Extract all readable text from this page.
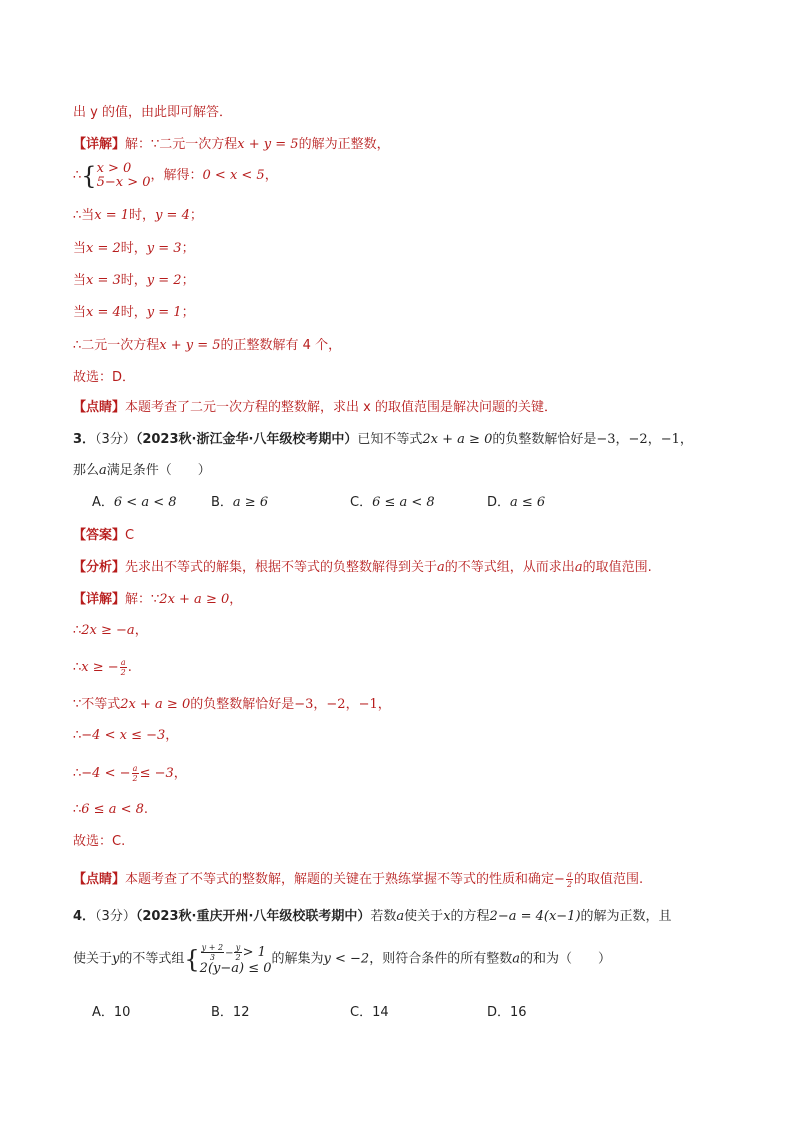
出 y 的值，由此即可解答．
【详解】解：∵二元一次方程x + y = 5的解为正整数，
∴{ x > 0
5−x > 0 ，解得：0 < x < 5，
∴当x = 1时，y = 4；
当x = 2时，y = 3；
当x = 3时，y = 2；
当x = 4时，y = 1；
∴二元一次方程x + y = 5的正整数解有 4 个，
故选：D．
【点睛】本题考查了二元一次方程的整数解，求出 x 的取值范围是解决问题的关键．
3．（3分）（2023秋·浙江金华·八年级校考期中）已知不等式2x + a ≥ 0的负整数解恰好是−3，−2，−1，
那么a满足条件（　　）
A．6 < a < 8	B．a ≥ 6	C．6 ≤ a < 8	D．a ≤ 6
【答案】C
【分析】先求出不等式的解集，根据不等式的负整数解得到关于a的不等式组，从而求出a的取值范围.
【详解】解：∵2x + a ≥ 0，
∴2x ≥ −a，
∴x ≥ − $\frac{a}{2}$ .
∵不等式2x + a ≥ 0的负整数解恰好是−3，−2，−1，
∴−4 < x ≤ −3，
∴−4 < − $\frac{a}{2} \le -3$，
∴6 ≤ a < 8.
故选：C.
【点睛】本题考查了不等式的整数解，解题的关键在于熟练掌握不等式的性质和确定− $\frac{a}{2}$ 的取值范围.
4．（3分）（2023秋·重庆开州·八年级校联考期中）若数a使关于x的方程2−a = 4(x−1)的解为正数，且
使关于y的不等式组{ $\frac{y + 2}{3} - \frac{y}{2} > 1$
2(y−a) ≤ 0
的解集为y < −2，则符合条件的所有整数a的和为（　　）
A．10	B．12	C．14	D．16
